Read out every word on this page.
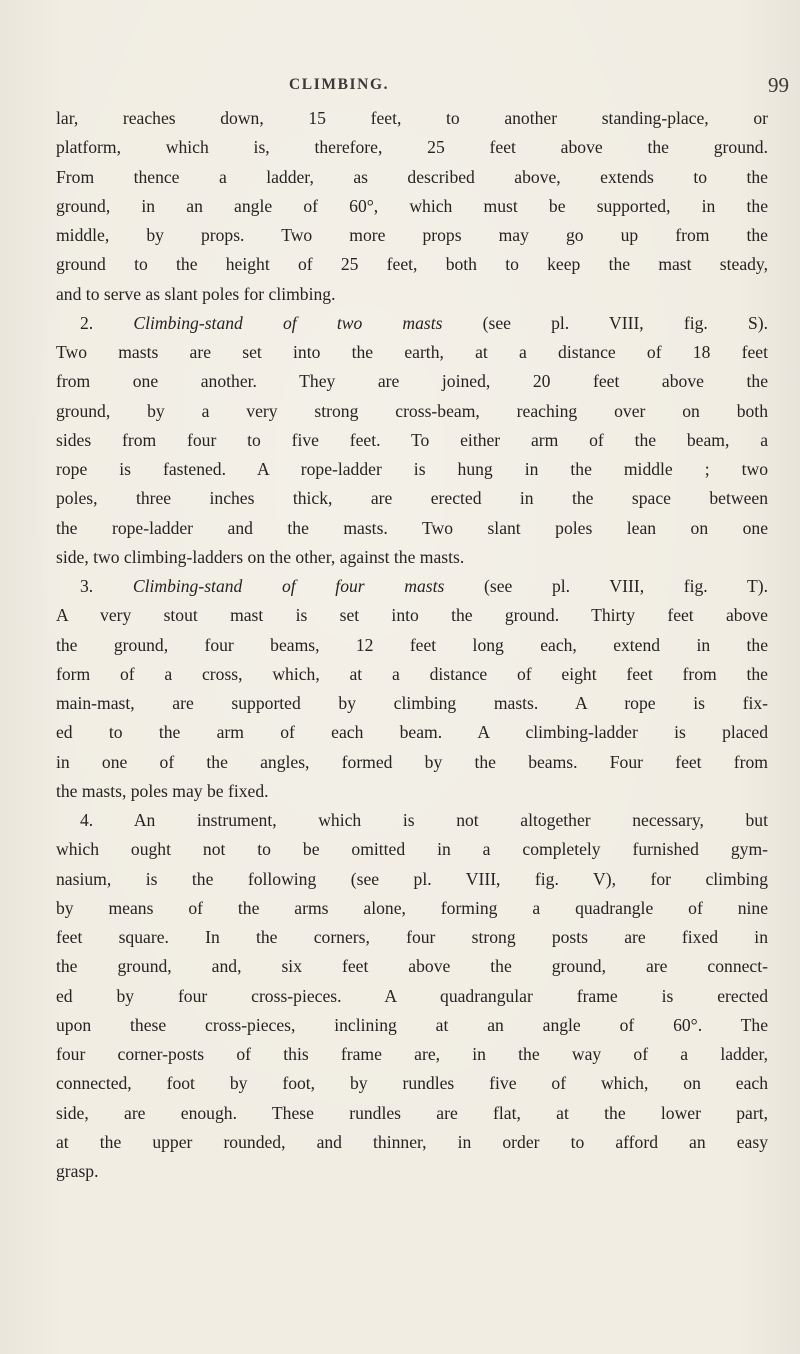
CLIMBING.	99
lar, reaches down, 15 feet, to another standing-place, or
platform, which is, therefore, 25 feet above the ground.
From thence a ladder, as described above, extends to the
ground, in an angle of 60°, which must be supported, in the
middle, by props. Two more props may go up from the
ground to the height of 25 feet, both to keep the mast steady,
and to serve as slant poles for climbing.
2. Climbing-stand of two masts (see pl. VIII, fig. S).
Two masts are set into the earth, at a distance of 18 feet
from one another. They are joined, 20 feet above the
ground, by a very strong cross-beam, reaching over on both
sides from four to five feet. To either arm of the beam, a
rope is fastened. A rope-ladder is hung in the middle ; two
poles, three inches thick, are erected in the space between
the rope-ladder and the masts. Two slant poles lean on one
side, two climbing-ladders on the other, against the masts.
3. Climbing-stand of four masts (see pl. VIII, fig. T).
A very stout mast is set into the ground. Thirty feet above
the ground, four beams, 12 feet long each, extend in the
form of a cross, which, at a distance of eight feet from the
main-mast, are supported by climbing masts. A rope is fix-
ed to the arm of each beam. A climbing-ladder is placed
in one of the angles, formed by the beams. Four feet from
the masts, poles may be fixed.
4. An instrument, which is not altogether necessary, but
which ought not to be omitted in a completely furnished gym-
nasium, is the following (see pl. VIII, fig. V), for climbing
by means of the arms alone, forming a quadrangle of nine
feet square. In the corners, four strong posts are fixed in
the ground, and, six feet above the ground, are connect-
ed by four cross-pieces. A quadrangular frame is erected
upon these cross-pieces, inclining at an angle of 60°. The
four corner-posts of this frame are, in the way of a ladder,
connected, foot by foot, by rundles five of which, on each
side, are enough. These rundles are flat, at the lower part,
at the upper rounded, and thinner, in order to afford an easy
grasp.
